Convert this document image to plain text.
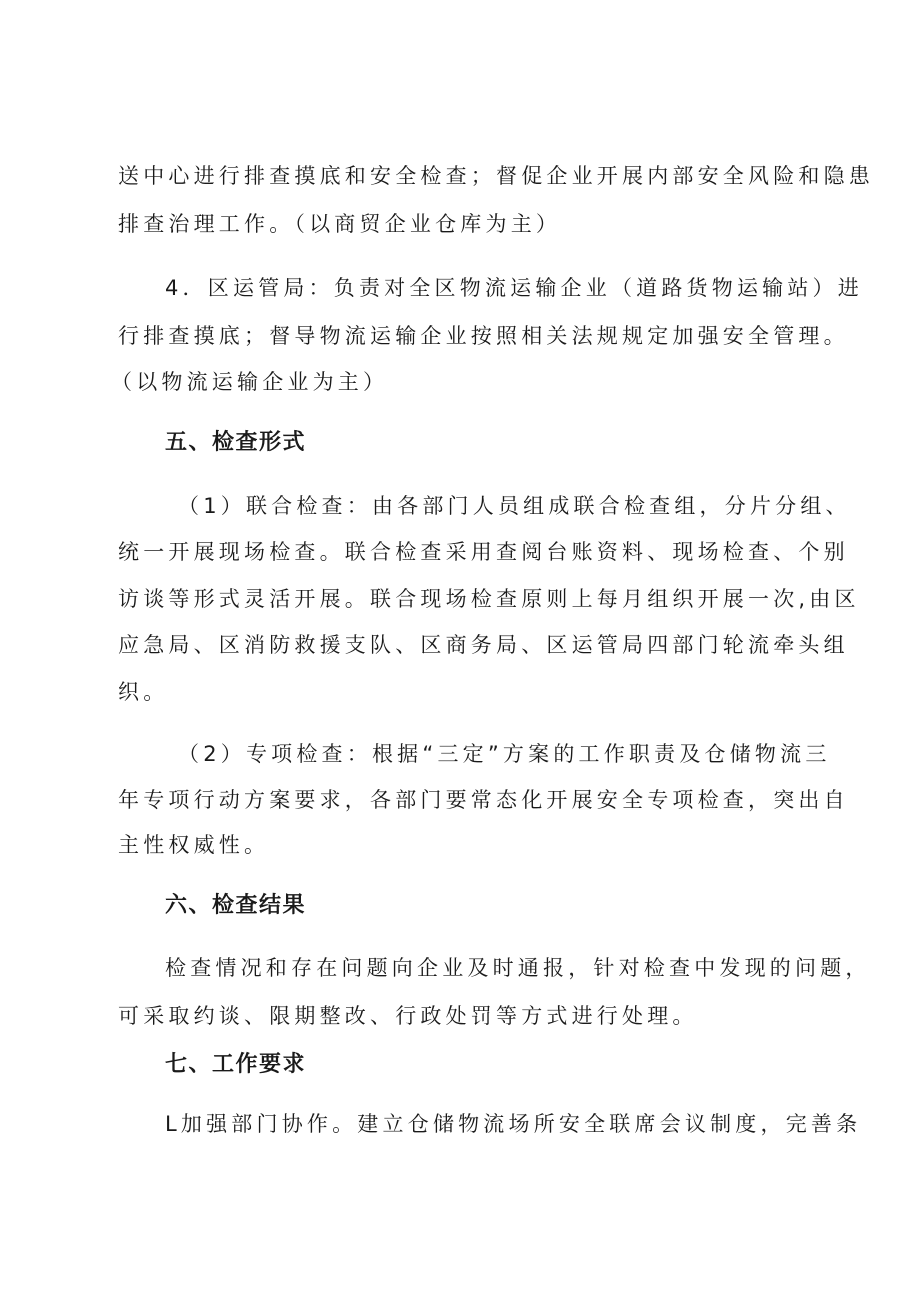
送中心进行排查摸底和安全检查；督促企业开展内部安全风险和隐患
排查治理工作。（以商贸企业仓库为主）
4．区运管局：负责对全区物流运输企业（道路货物运输站）进
行排查摸底；督导物流运输企业按照相关法规规定加强安全管理。
（以物流运输企业为主）
五、检查形式
（1）联合检查：由各部门人员组成联合检查组，分片分组、
统一开展现场检查。联合检查采用查阅台账资料、现场检查、个别
访谈等形式灵活开展。联合现场检查原则上每月组织开展一次,由区
应急局、区消防救援支队、区商务局、区运管局四部门轮流牵头组
织。
（2）专项检查：根据“三定”方案的工作职责及仓储物流三
年专项行动方案要求，各部门要常态化开展安全专项检查，突出自
主性权威性。
六、检查结果
检查情况和存在问题向企业及时通报，针对检查中发现的问题，
可采取约谈、限期整改、行政处罚等方式进行处理。
七、工作要求
L加强部门协作。建立仓储物流场所安全联席会议制度，完善条
